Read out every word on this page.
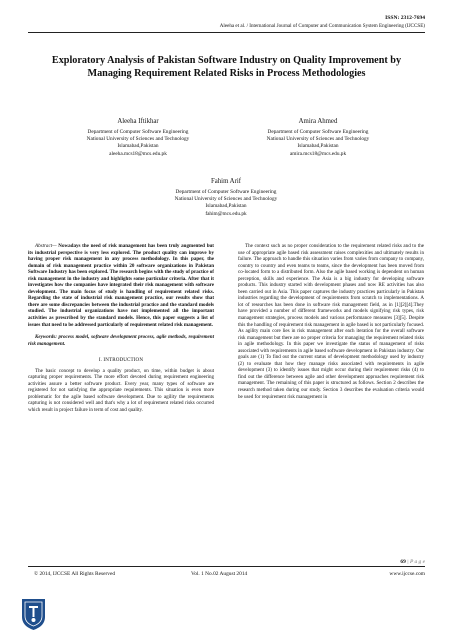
ISSN: 2312-7694
Aleeha et al. / International Journal of Computer and Communication System Engineering (IJCCSE)
Exploratory Analysis of Pakistan Software Industry on Quality Improvement by Managing Requirement Related Risks in Process Methodologies
Aleeha Iftikhar
Department of Computer Software Engineering
National University of Sciences and Technology
Islamabad,Pakistan
aleeha.mcs18@mcs.edu.pk
Amira Ahmed
Department of Computer Software Engineering
National University of Sciences and Technology
Islamabad,Pakistan
amira.mcs18@mcs.edu.pk
Fahim Arif
Department of Computer Software Engineering
National University of Sciences and Technology
Islamabad,Pakistan
fahim@mcs.edu.pk

Abstract— Nowadays the need of risk management has been truly augmented but its industrial perspective is very less explored. The product quality can improve by having proper risk management in any process methodology. In this paper, the domain of risk management practice within 20 software organizations in Pakistan Software Industry has been explored. The research begins with the study of practice of risk management in the industry and highlights some particular criteria. After that it investigates how the companies have integrated their risk management with software development. The main focus of study is handling of requirement related risks. Regarding the state of industrial risk management practice, our results show that there are some discrepancies between the industrial practice and the standard models studied. The industrial organizations have not implemented all the important activities as prescribed by the standard models. Hence, this paper suggests a list of issues that need to be addressed particularly of requirement related risk management.

Keywords: process model, software development process, agile methods, requirement risk management.

I. INTRODUCTION

The basic concept to develop a quality product, on time, within budget is about capturing proper requirements. The more effort devoted during requirement engineering activities assure a better software product. Every year, many types of software are registered for not satisfying the appropriate requirements. This situation is even more problematic for the agile based software development. Due to agility the requirements capturing is not considered well and that's why a lot of requirement related risks occurred which result in project failure in term of cost and quality.

The context such as no proper consideration to the requirement related risks and to the use of appropriate agile based risk assessment raises complexities and ultimately results in failure. The approach to handle this situation varies from varies from company to company, country to country and even teams to teams, since the development has been moved from co-located form to a distributed form. Also the agile based working is dependent on human perception, skills and experience. The Asia is a big industry for developing software products. This industry started with development phases and now RE activities has also been carried out in Asia. This paper captures the industry practices particularly in Pakistan industries regarding the development of requirements from scratch to implementations. A lot of researches has been done in software risk management field, as in [1][2][4].They have provided a number of different frameworks and models signifying risk types, risk management strategies, process models and various performance measures [3][5]. Despite this the handling of requirement risk management in agile based is not particularly focused. As agility main core lies in risk management after each iteration for the overall software risk management but there are no proper criteria for managing the requirement related risks in agile methodology. In this paper we investigate the status of management of risks associated with requirements in agile based software development in Pakistan industry. Our goals are (1) To find out the current status of development methodology used by industry (2) to evaluate that how they manage risks associated with requirements in agile development (3) to identify issues that might occur during their requirement risks (4) to find out the difference between agile and other development approaches requirement risk management. The remaining of this paper is structured as follows. Section 2 describes the research method taken during our study. Section 3 describes the evaluation criteria would be used for requirement risk management in

69 | P a g e
© 2014, IJCCSE All Rights Reserved	Vol. 1 No.02 August 2014	www.ijccse.com
